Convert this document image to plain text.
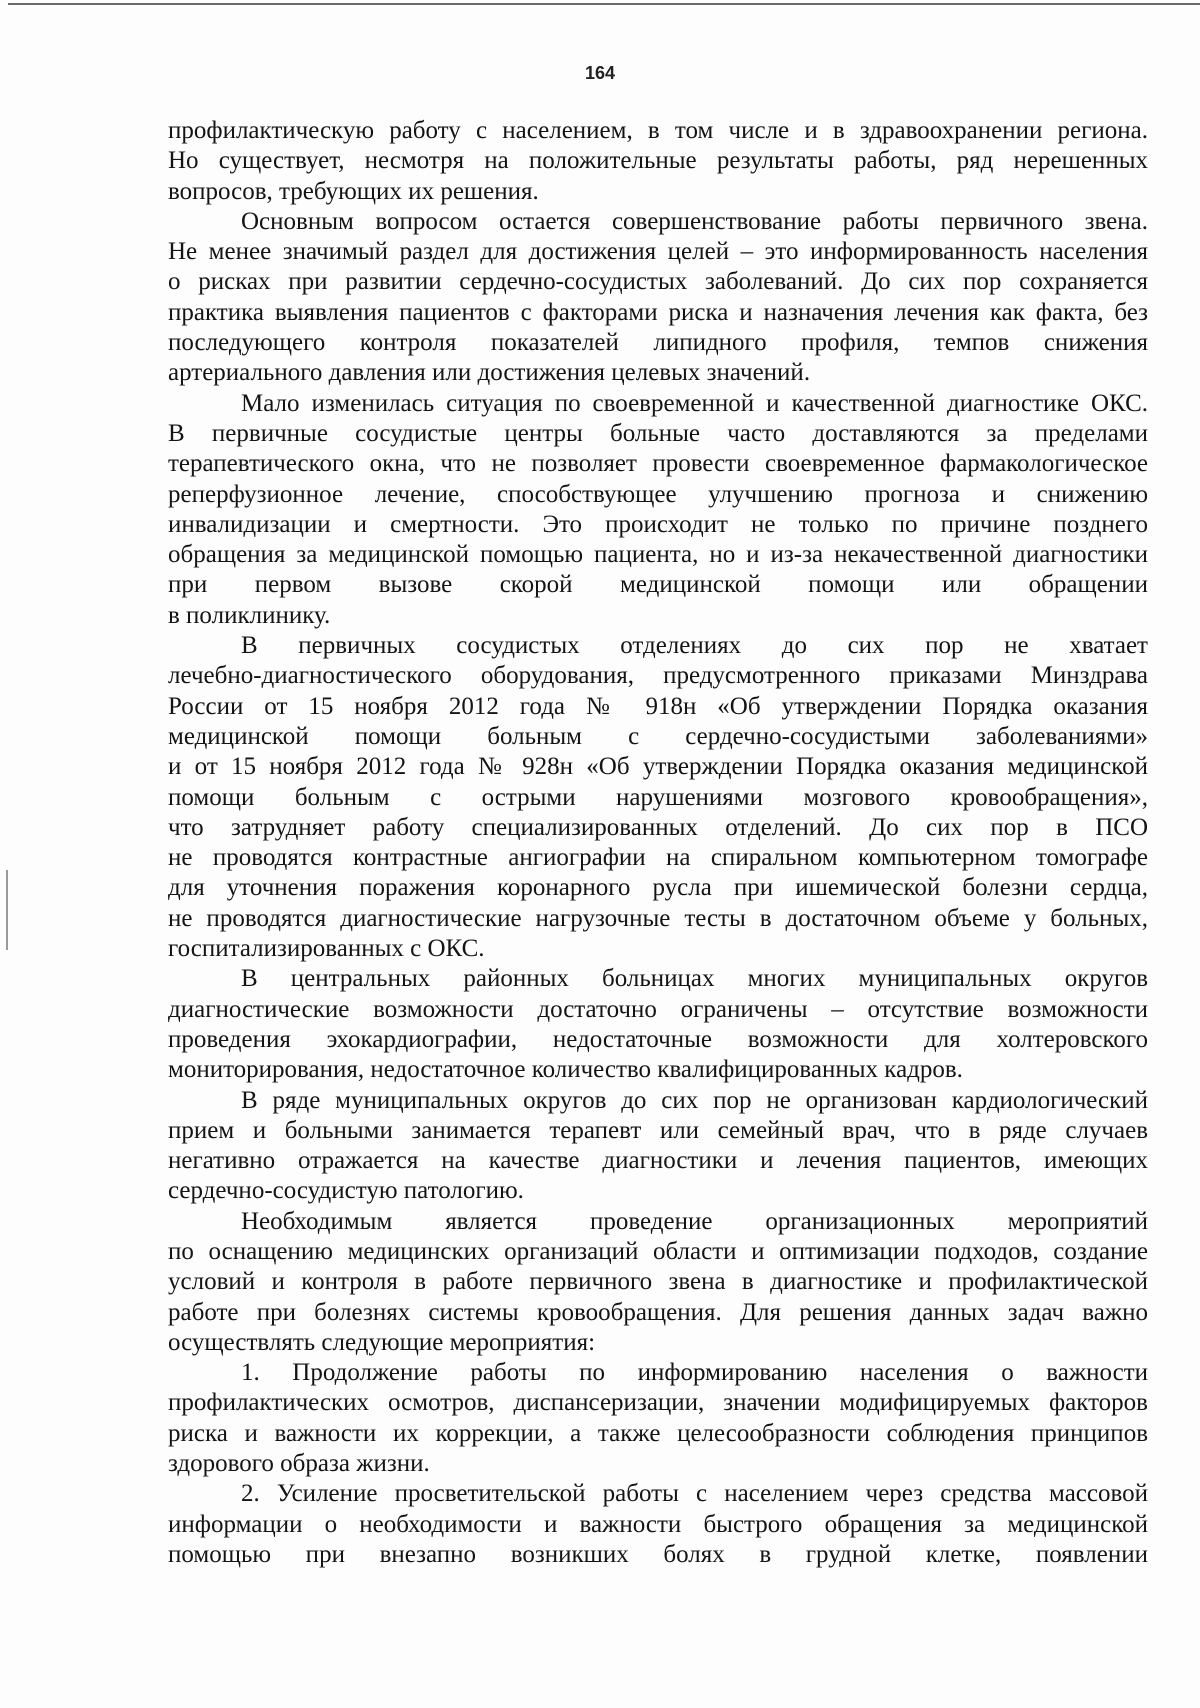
164

профилактическую работу с населением, в том числе и в здравоохранении региона.

Но существует, несмотря на положительные результаты работы, ряд нерешенных

вопросов, требующих их решения.

Основным вопросом остается совершенствование работы первичного звена.

Не менее значимый раздел для достижения целей – это информированность населения

о рисках при развитии сердечно-сосудистых заболеваний. До сих пор сохраняется

практика выявления пациентов с факторами риска и назначения лечения как факта, без

последующего контроля показателей липидного профиля, темпов снижения

артериального давления или достижения целевых значений.

Мало изменилась ситуация по своевременной и качественной диагностике ОКС.

В первичные сосудистые центры больные часто доставляются за пределами

терапевтического окна, что не позволяет провести своевременное фармакологическое

реперфузионное лечение, способствующее улучшению прогноза и снижению

инвалидизации и смертности. Это происходит не только по причине позднего

обращения за медицинской помощью пациента, но и из-за некачественной диагностики

при первом вызове скорой медицинской помощи или обращении

в поликлинику.

В первичных сосудистых отделениях до сих пор не хватает

лечебно-диагностического оборудования, предусмотренного приказами Минздрава

России от 15 ноября 2012 года № 918н «Об утверждении Порядка оказания

медицинской помощи больным с сердечно-сосудистыми заболеваниями»

и от 15 ноября 2012 года № 928н «Об утверждении Порядка оказания медицинской

помощи больным с острыми нарушениями мозгового кровообращения»,

что затрудняет работу специализированных отделений. До сих пор в ПСО

не проводятся контрастные ангиографии на спиральном компьютерном томографе

для уточнения поражения коронарного русла при ишемической болезни сердца,

не проводятся диагностические нагрузочные тесты в достаточном объеме у больных,

госпитализированных с ОКС.

В центральных районных больницах многих муниципальных округов

диагностические возможности достаточно ограничены – отсутствие возможности

проведения эхокардиографии, недостаточные возможности для холтеровского

мониторирования, недостаточное количество квалифицированных кадров.

В ряде муниципальных округов до сих пор не организован кардиологический

прием и больными занимается терапевт или семейный врач, что в ряде случаев

негативно отражается на качестве диагностики и лечения пациентов, имеющих

сердечно-сосудистую патологию.

Необходимым является проведение организационных мероприятий

по оснащению медицинских организаций области и оптимизации подходов, создание

условий и контроля в работе первичного звена в диагностике и профилактической

работе при болезнях системы кровообращения. Для решения данных задач важно

осуществлять следующие мероприятия:

1. Продолжение работы по информированию населения о важности

профилактических осмотров, диспансеризации, значении модифицируемых факторов

риска и важности их коррекции, а также целесообразности соблюдения принципов

здорового образа жизни.

2. Усиление просветительской работы с населением через средства массовой

информации о необходимости и важности быстрого обращения за медицинской

помощью при внезапно возникших болях в грудной клетке, появлении
